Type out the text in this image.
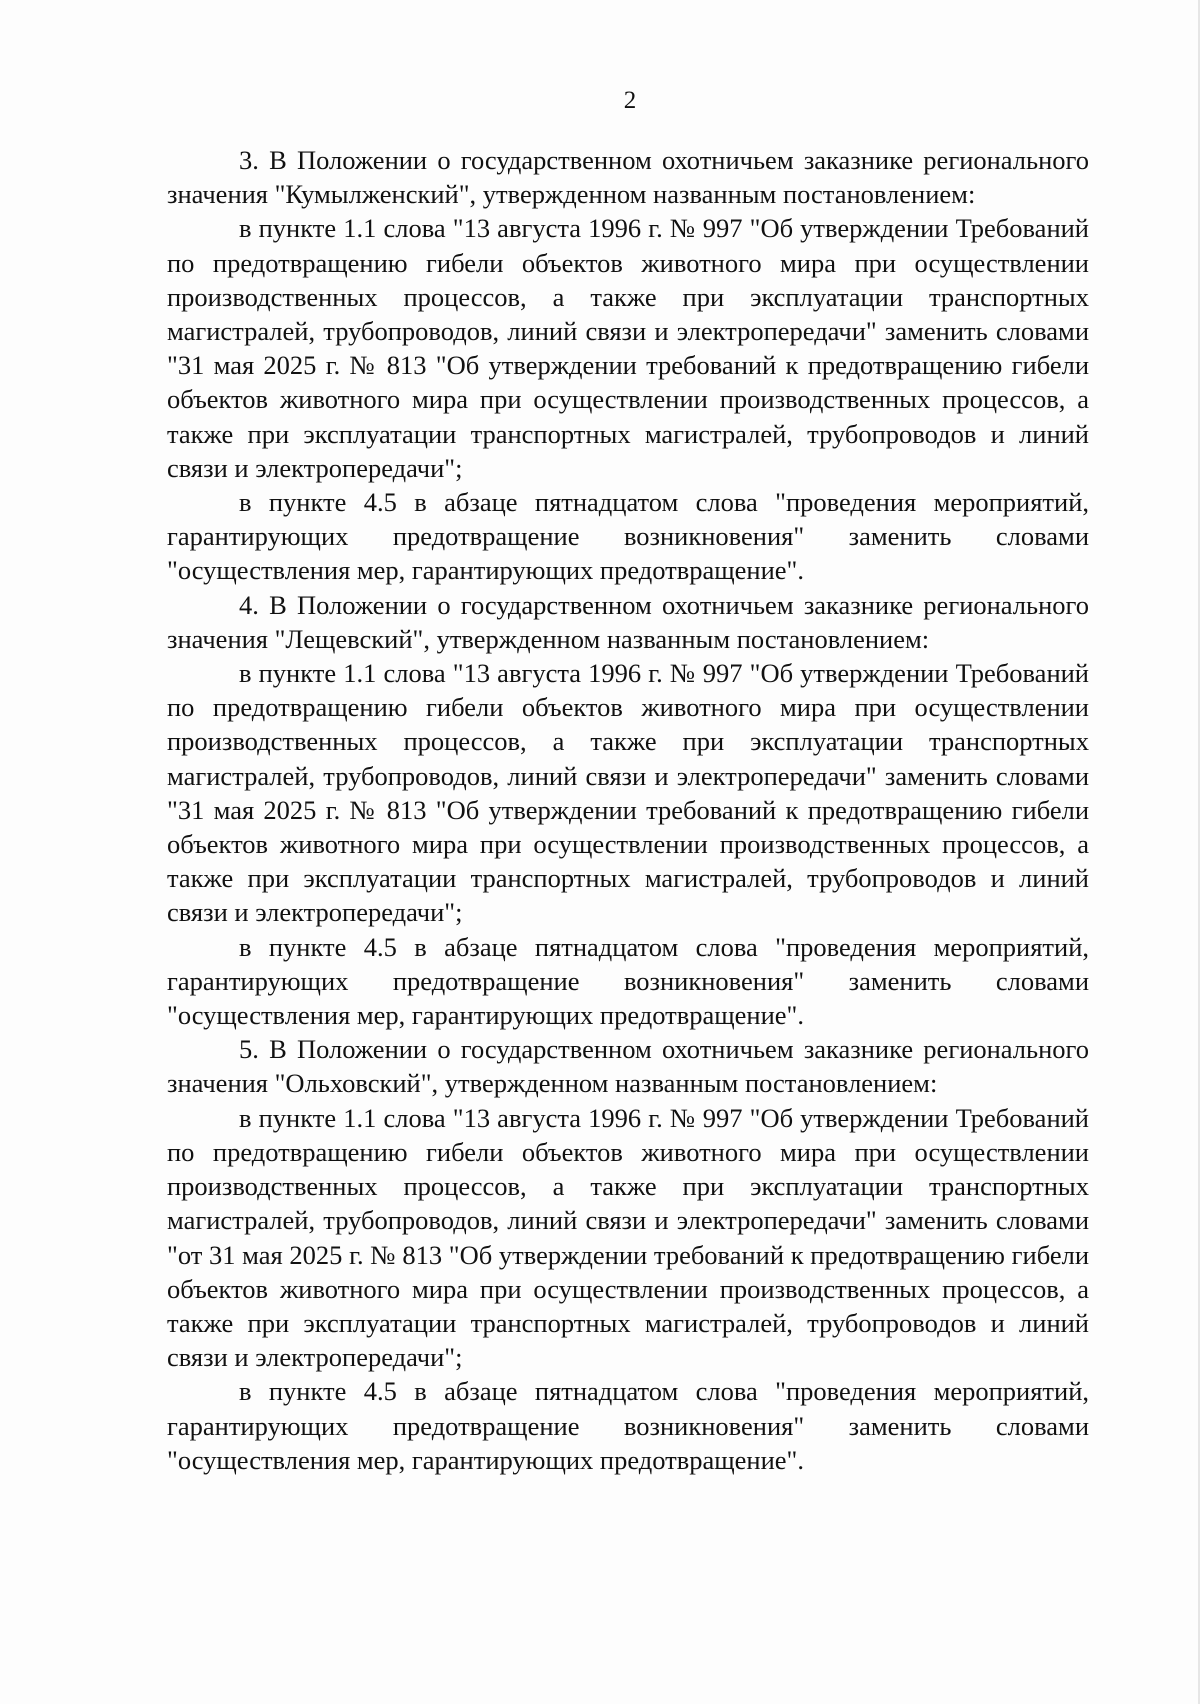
2

3. В Положении о государственном охотничьем заказнике регионального значения "Кумылженский", утвержденном названным постановлением:

в пункте 1.1 слова "13 августа 1996 г. № 997 "Об утверждении Требований по предотвращению гибели объектов животного мира при осуществлении производственных процессов, а также при эксплуатации транспортных магистралей, трубопроводов, линий связи и электропередачи" заменить словами "31 мая 2025 г. № 813 "Об утверждении требований к предотвращению гибели объектов животного мира при осуществлении производственных процессов, а также при эксплуатации транспортных магистралей, трубопроводов и линий связи и электропередачи";

в пункте 4.5 в абзаце пятнадцатом слова "проведения мероприятий, гарантирующих предотвращение возникновения" заменить словами "осуществления мер, гарантирующих предотвращение".

4. В Положении о государственном охотничьем заказнике регионального значения "Лещевский", утвержденном названным постановлением:

в пункте 1.1 слова "13 августа 1996 г. № 997 "Об утверждении Требований по предотвращению гибели объектов животного мира при осуществлении производственных процессов, а также при эксплуатации транспортных магистралей, трубопроводов, линий связи и электропередачи" заменить словами "31 мая 2025 г. № 813 "Об утверждении требований к предотвращению гибели объектов животного мира при осуществлении производственных процессов, а также при эксплуатации транспортных магистралей, трубопроводов и линий связи и электропередачи";

в пункте 4.5 в абзаце пятнадцатом слова "проведения мероприятий, гарантирующих предотвращение возникновения" заменить словами "осуществления мер, гарантирующих предотвращение".

5. В Положении о государственном охотничьем заказнике регионального значения "Ольховский", утвержденном названным постановлением:

в пункте 1.1 слова "13 августа 1996 г. № 997 "Об утверждении Требований по предотвращению гибели объектов животного мира при осуществлении производственных процессов, а также при эксплуатации транспортных магистралей, трубопроводов, линий связи и электропередачи" заменить словами "от 31 мая 2025 г. № 813 "Об утверждении требований к предотвращению гибели объектов животного мира при осуществлении производственных процессов, а также при эксплуатации транспортных магистралей, трубопроводов и линий связи и электропередачи";

в пункте 4.5 в абзаце пятнадцатом слова "проведения мероприятий, гарантирующих предотвращение возникновения" заменить словами "осуществления мер, гарантирующих предотвращение".
